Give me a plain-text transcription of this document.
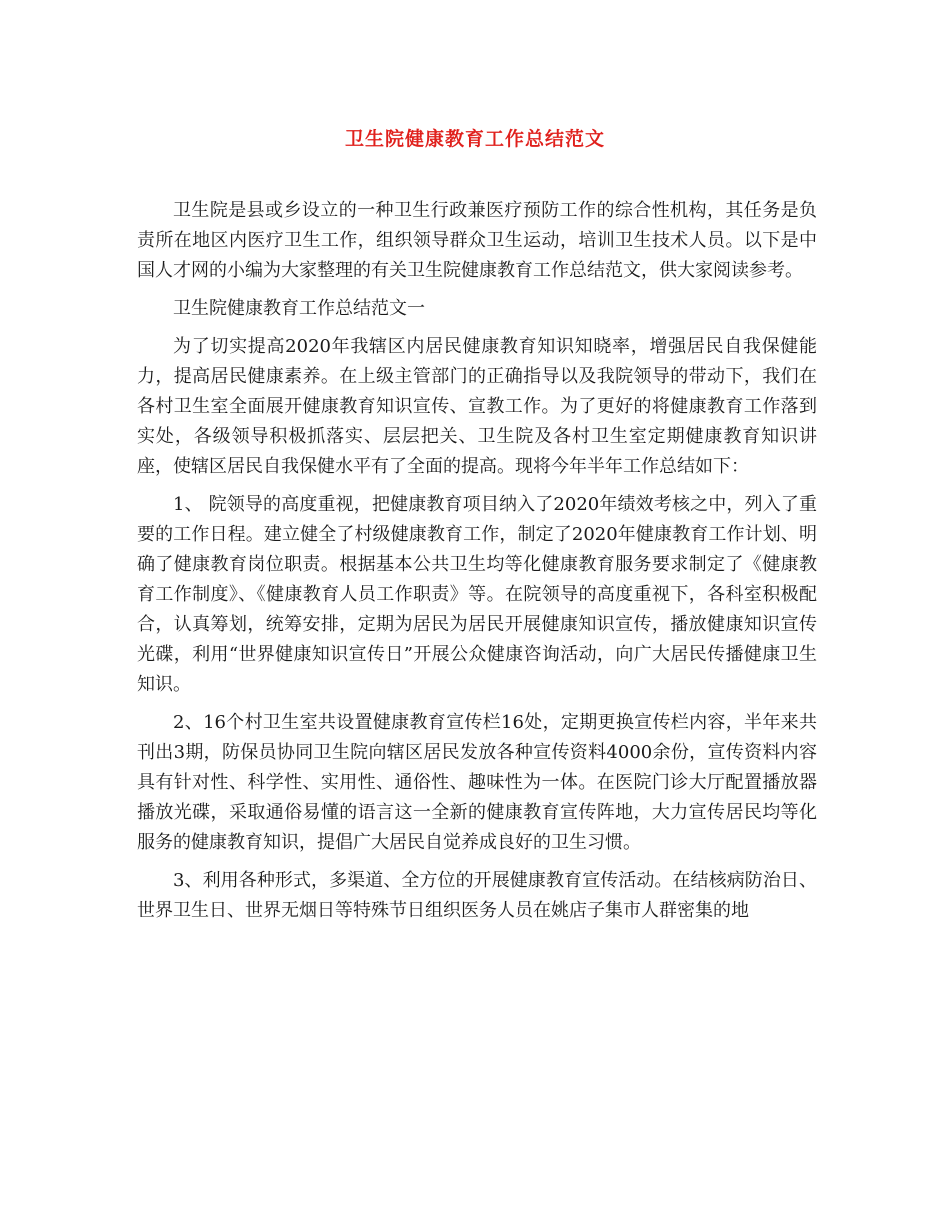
卫生院健康教育工作总结范文

卫生院是县或乡设立的一种卫生行政兼医疗预防工作的综合性机构，其任务是负责所在地区内医疗卫生工作，组织领导群众卫生运动，培训卫生技术人员。以下是中国人才网的小编为大家整理的有关卫生院健康教育工作总结范文，供大家阅读参考。

卫生院健康教育工作总结范文一

为了切实提高2020年我辖区内居民健康教育知识知晓率，增强居民自我保健能力，提高居民健康素养。在上级主管部门的正确指导以及我院领导的带动下，我们在各村卫生室全面展开健康教育知识宣传、宣教工作。为了更好的将健康教育工作落到实处，各级领导积极抓落实、层层把关、卫生院及各村卫生室定期健康教育知识讲座，使辖区居民自我保健水平有了全面的提高。现将今年半年工作总结如下：

1、 院领导的高度重视，把健康教育项目纳入了2020年绩效考核之中，列入了重要的工作日程。建立健全了村级健康教育工作，制定了2020年健康教育工作计划、明确了健康教育岗位职责。根据基本公共卫生均等化健康教育服务要求制定了《健康教育工作制度》、《健康教育人员工作职责》等。在院领导的高度重视下，各科室积极配合，认真筹划，统筹安排，定期为居民为居民开展健康知识宣传，播放健康知识宣传光碟，利用“世界健康知识宣传日”开展公众健康咨询活动，向广大居民传播健康卫生知识。

2、16个村卫生室共设置健康教育宣传栏16处，定期更换宣传栏内容，半年来共刊出3期，防保员协同卫生院向辖区居民发放各种宣传资料4000余份，宣传资料内容具有针对性、科学性、实用性、通俗性、趣味性为一体。在医院门诊大厅配置播放器播放光碟，采取通俗易懂的语言这一全新的健康教育宣传阵地，大力宣传居民均等化服务的健康教育知识，提倡广大居民自觉养成良好的卫生习惯。

3、利用各种形式，多渠道、全方位的开展健康教育宣传活动。在结核病防治日、世界卫生日、世界无烟日等特殊节日组织医务人员在姚店子集市人群密集的地
